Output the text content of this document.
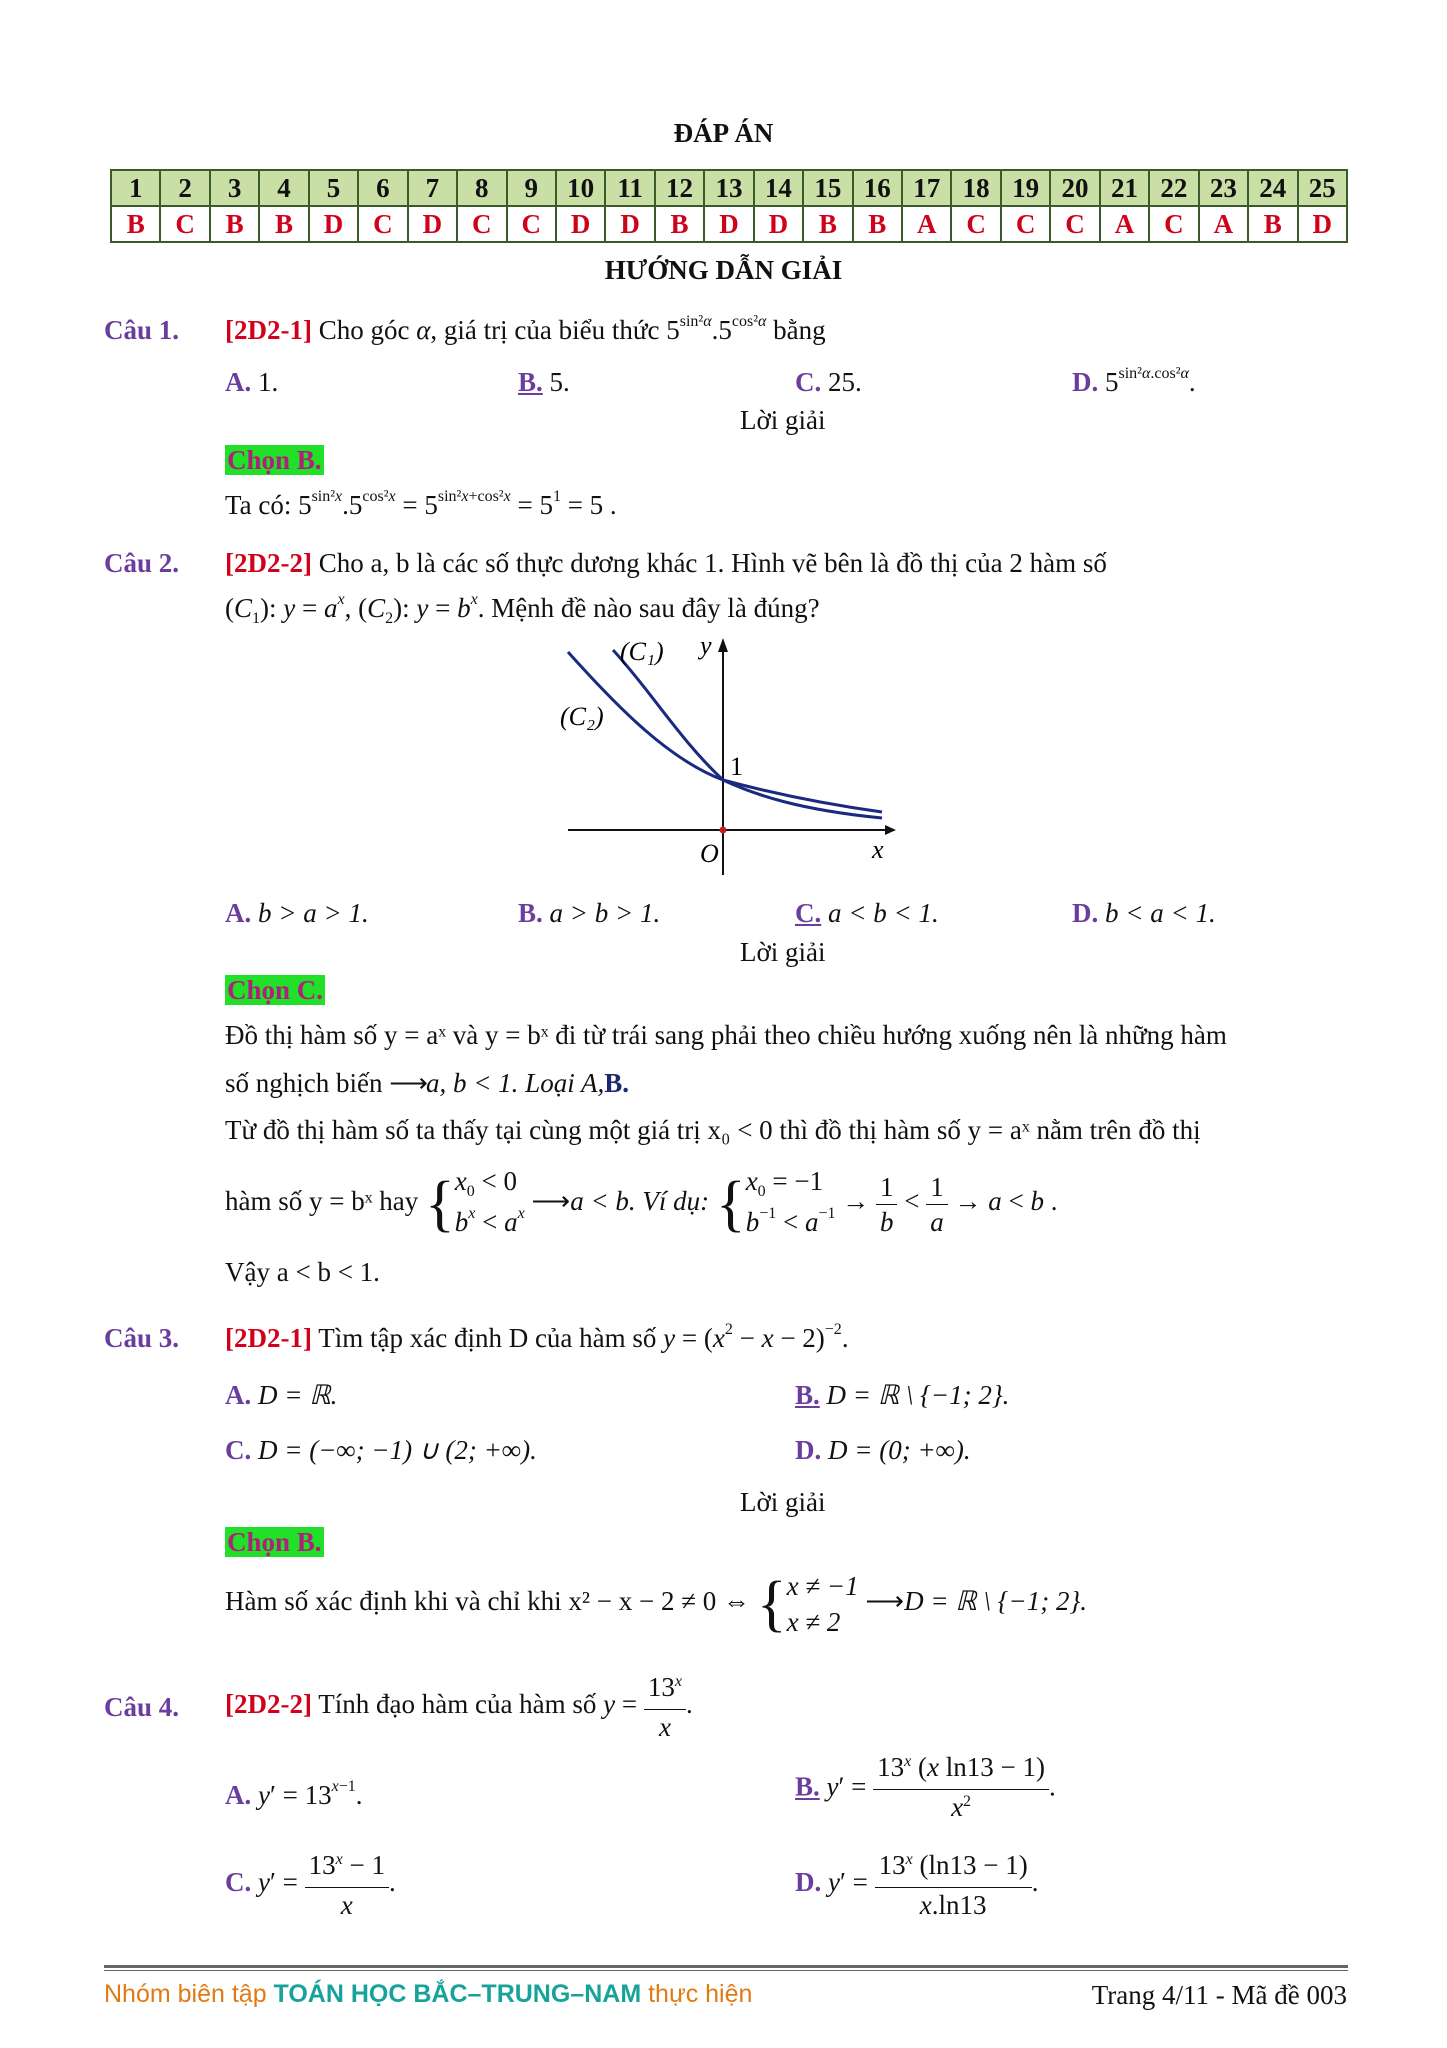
ĐÁP ÁN
1	2	3	4	5	6	7	8	9	10	11	12	13	14	15	16	17	18	19	20	21	22	23	24	25
B	C	B	B	D	C	D	C	C	D	D	B	D	D	B	B	A	C	C	C	A	C	A	B	D
HƯỚNG DẪN GIẢI
Câu 1. [2D2-1] Cho góc α, giá trị của biểu thức $5^{sin^2\alpha}.5^{cos^2\alpha}$ bằng
A. 1.	B. 5.	C. 25.	D. $5^{sin^2\alpha.cos^2\alpha}$.
Lời giải
Chọn B.
Ta có: $5^{sin^2x}.5^{cos^2x} = 5^{sin^2x+cos^2x} = 5^1 = 5$ .
Câu 2. [2D2-2] Cho a, b là các số thực dương khác 1. Hình vẽ bên là đồ thị của 2 hàm số
$(C_1)$: $y = a^x$, $(C_2)$: $y = b^x$. Mệnh đề nào sau đây là đúng?
(C₁)
(C₂)
y
x
O
1
A. b > a > 1.	B. a > b > 1.	C. a < b < 1.	D. b < a < 1.
Lời giải
Chọn C.
Đồ thị hàm số y = aˣ và y = bˣ đi từ trái sang phải theo chiều hướng xuống nên là những hàm
số nghịch biến ⟶a, b < 1. Loại A,B.
Từ đồ thị hàm số ta thấy tại cùng một giá trị x₀ < 0 thì đồ thị hàm số y = aˣ nằm trên đồ thị
hàm số y = bˣ hay {$x_0 < 0$
$b^x < a^x$ ⟶a < b. Ví dụ: {$x_0 = -1$
$b^{-1} < a^{-1} \to \frac{1}{b} < \frac{1}{a} \to a < b$ .
Vậy a < b < 1.
Câu 3. [2D2-1] Tìm tập xác định D của hàm số $y = (x^2 - x - 2)^{-2}$.
A. D = ℝ.	B. D = ℝ \ {−1; 2}.
C. D = (−∞; −1) ∪ (2; +∞).	D. D = (0; +∞).
Lời giải
Chọn B.
Hàm số xác định khi và chỉ khi x² − x − 2 ≠ 0 ⇔ {x ≠ −1
x ≠ 2 ⟶D = ℝ \ {−1; 2}.
Câu 4. [2D2-2] Tính đạo hàm của hàm số $y = \frac{13^x}{x}$ .
A. $y' = 13^{x-1}$.	B. $y' = \frac{13^x (x \ln 13 - 1)}{x^2}$ .
C. $y' = \frac{13^x - 1}{x}$ .	D. $y' = \frac{13^x (\ln 13 - 1)}{x.\ln 13}$ .
Nhóm biên tập TOÁN HỌC BẮC–TRUNG–NAM thực hiện	Trang 4/11 - Mã đề 003
